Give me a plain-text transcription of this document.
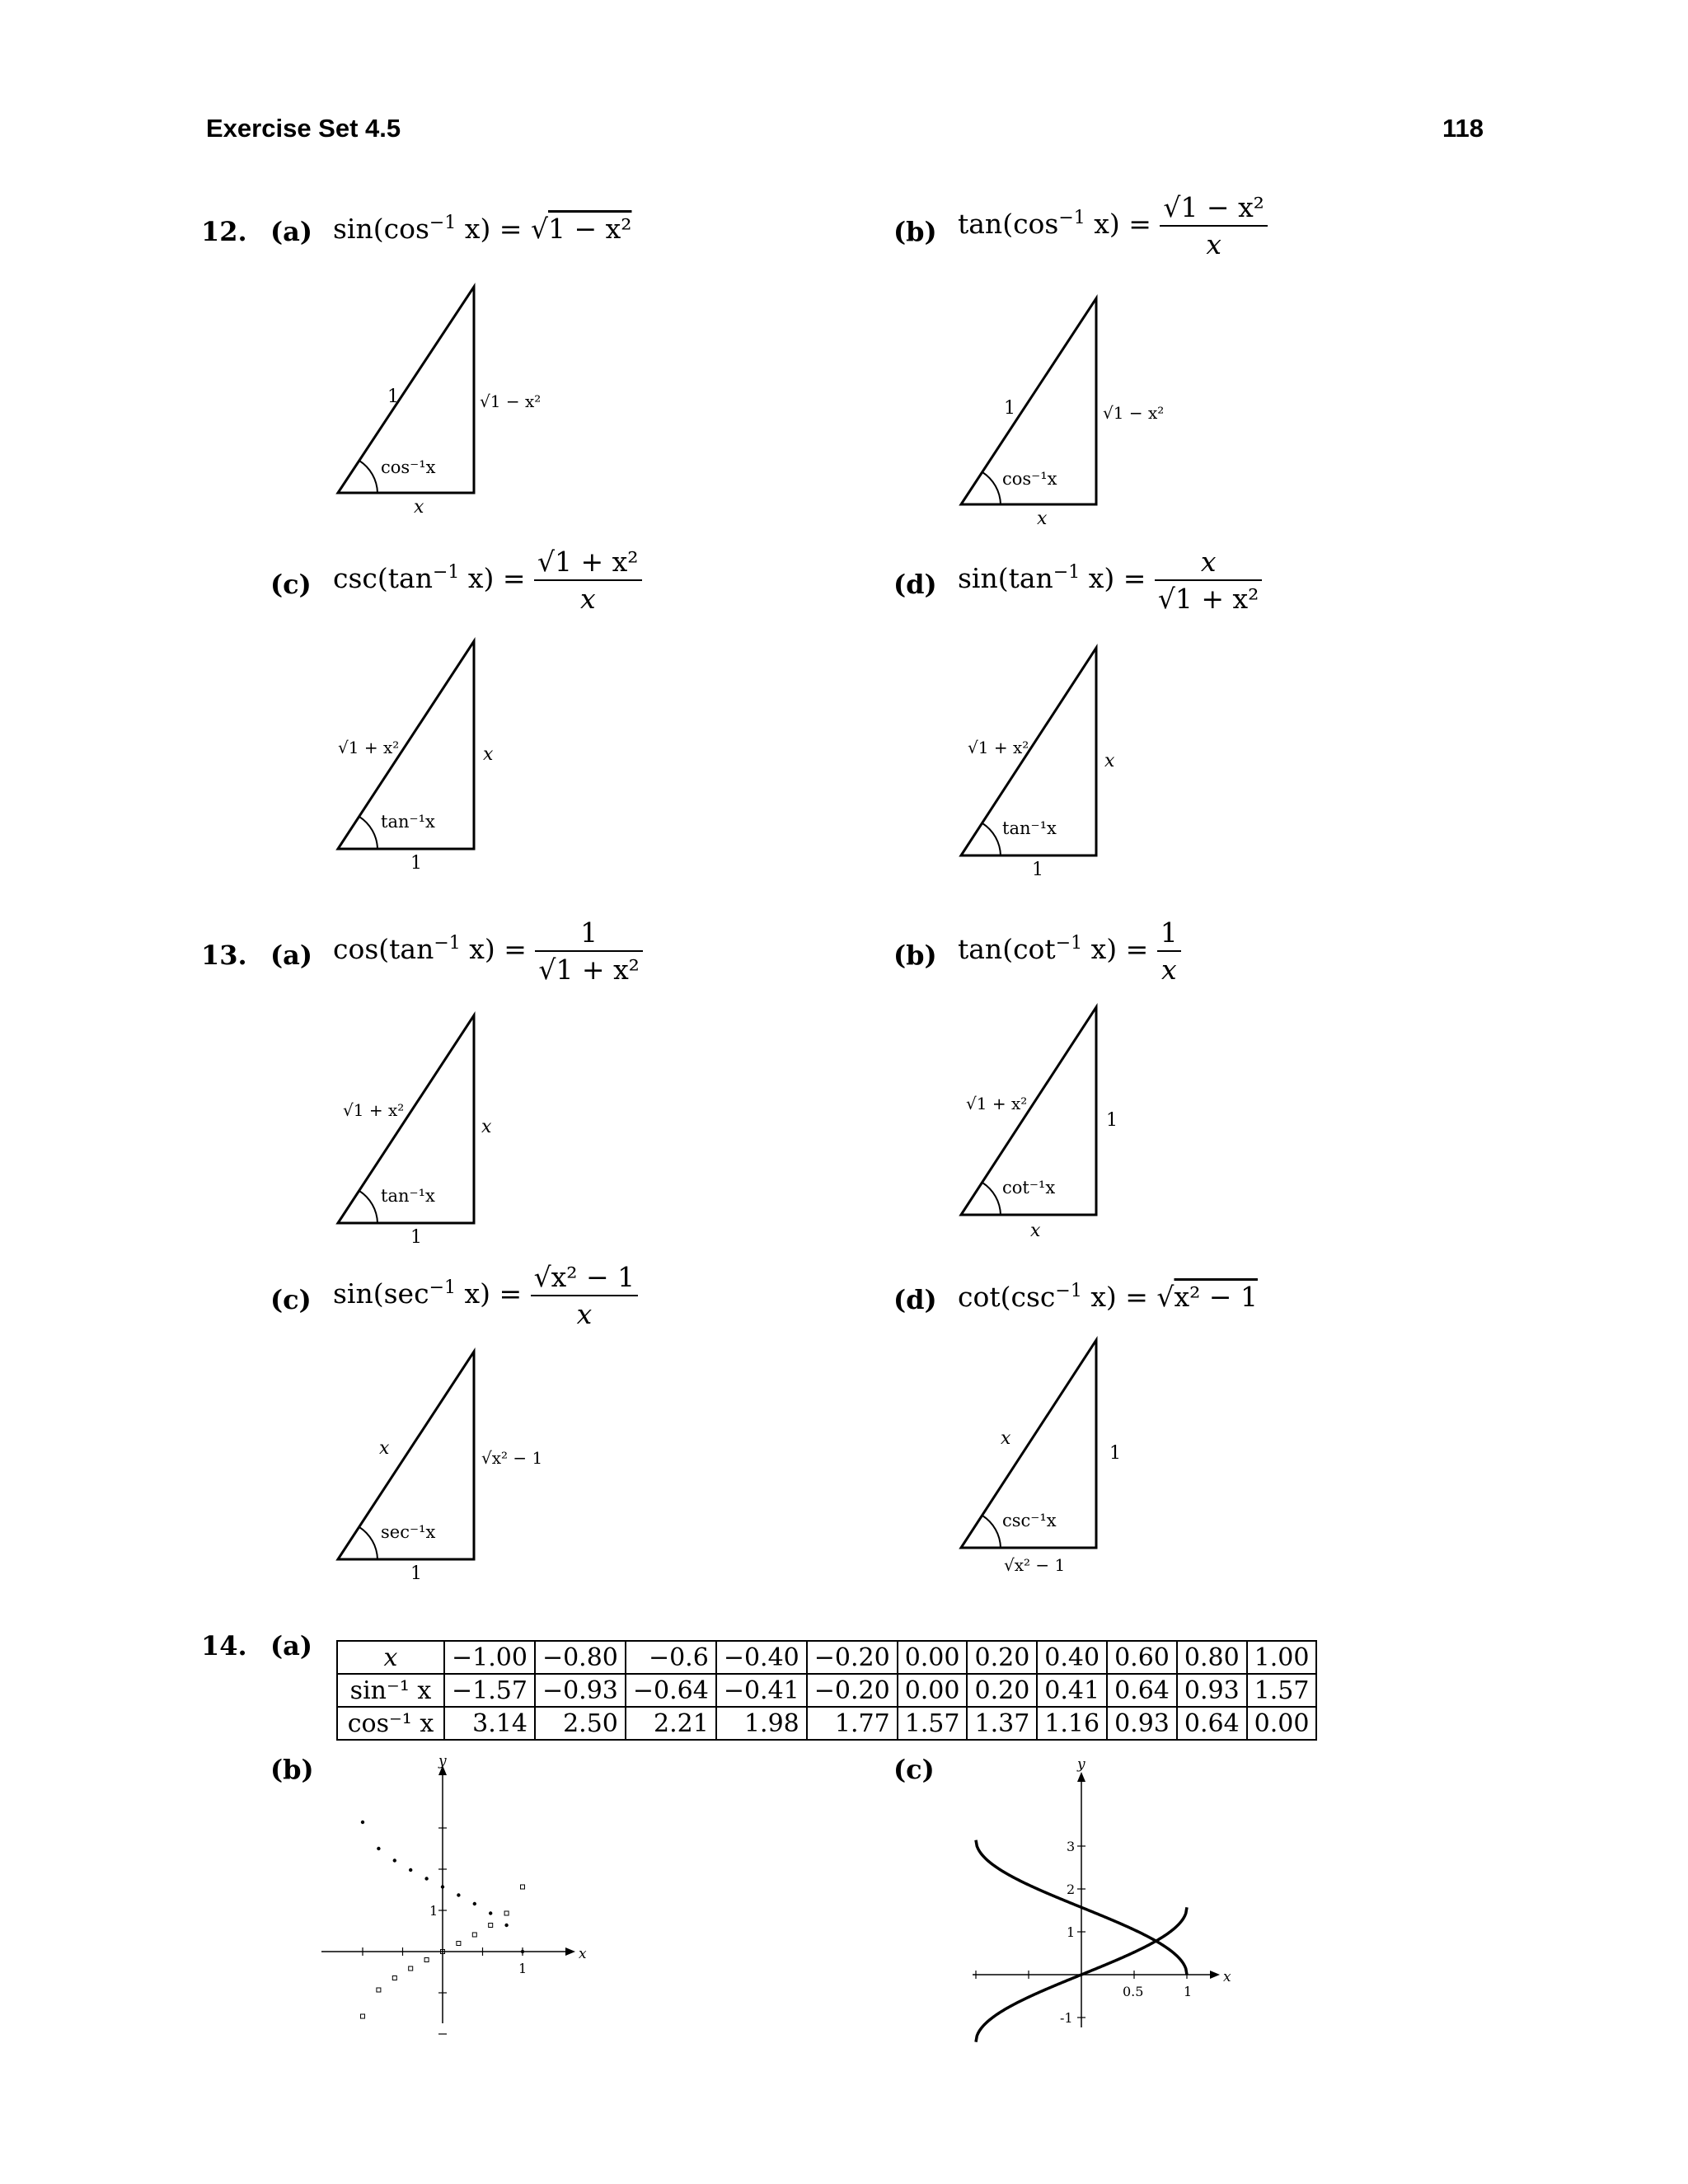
Exercise Set 4.5	118
12. (a) $\sin(\cos^{-1}$ x) = √1 − x²	(b) $\tan(\cos^{-1}$ $x) = \frac{\text{√1 − x²}}{x}$
(c) $\csc(\tan^{-1}$ $x) = \frac{\text{√1 + x²}}{x}$	(d) $\sin(\tan^{-1}$ $x) = \frac{x}{\text{√1 + x²}}$
13. (a) $\cos(\tan^{-1}$ $x) = \frac{1}{\text{√1 + x²}}$	(b) $\tan(\cot^{-1}$ $x) = \frac{1}{x}$
(c) $\sin(\sec^{-1}$ $x) = \frac{\text{√x² − 1}}{x}$	(d) $\cot(\csc^{-1}$ x) = √x² − 1
1	√1 − x²
x
cos⁻¹x
1	√1 − x²
x
cos⁻¹x
√1 + x²	x
1
tan⁻¹x
√1 + x²
x
1
tan⁻¹x
√1 + x²
x
1
tan⁻¹x
√1 + x²
1
x
cot⁻¹x
x	√x² − 1
1
sec⁻¹x
x
1
√x² − 1
csc⁻¹x
14. (a)	x	−1.00	−0.80	−0.6	−0.40	−0.20	0.00	0.20	0.40	0.60	0.80	1.00
sin⁻¹ x	−1.57	−0.93	−0.64	−0.41	−0.20	0.00	0.20	0.41	0.64	0.93	1.57
cos⁻¹ x	3.14	2.50	2.21	1.98	1.77	1.57	1.37	1.16	0.93	0.64	0.00
(b)	(c)
1
1
x
y
0.5	1
3
2
1
-1
x
y
